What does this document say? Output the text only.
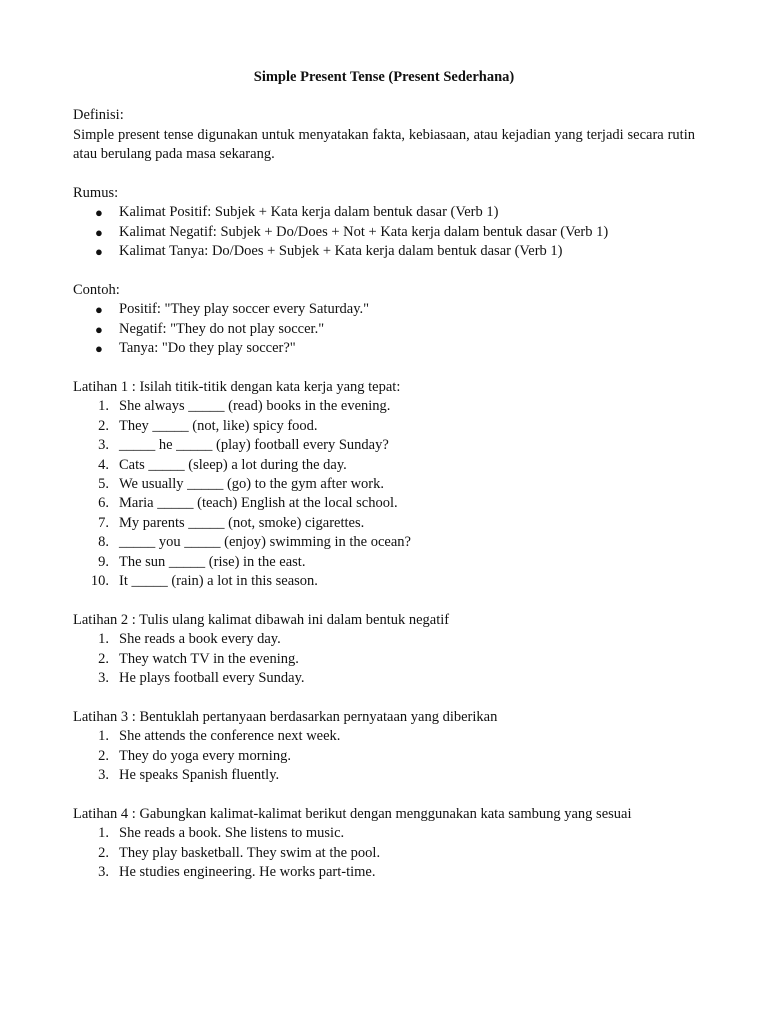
Simple Present Tense (Present Sederhana)

Definisi:

Simple present tense digunakan untuk menyatakan fakta, kebiasaan, atau kejadian yang terjadi secara rutin atau berulang pada masa sekarang.

Rumus:

● Kalimat Positif: Subjek + Kata kerja dalam bentuk dasar (Verb 1)
● Kalimat Negatif: Subjek + Do/Does + Not + Kata kerja dalam bentuk dasar (Verb 1)
● Kalimat Tanya: Do/Does + Subjek + Kata kerja dalam bentuk dasar (Verb 1)

Contoh:

● Positif: "They play soccer every Saturday."
● Negatif: "They do not play soccer."
● Tanya: "Do they play soccer?"

Latihan 1 : Isilah titik-titik dengan kata kerja yang tepat:

1. She always _____ (read) books in the evening.
2. They _____ (not, like) spicy food.
3. _____ he _____ (play) football every Sunday?
4. Cats _____ (sleep) a lot during the day.
5. We usually _____ (go) to the gym after work.
6. Maria _____ (teach) English at the local school.
7. My parents _____ (not, smoke) cigarettes.
8. _____ you _____ (enjoy) swimming in the ocean?
9. The sun _____ (rise) in the east.
10. It _____ (rain) a lot in this season.

Latihan 2 : Tulis ulang kalimat dibawah ini dalam bentuk negatif

1. She reads a book every day.
2. They watch TV in the evening.
3. He plays football every Sunday.

Latihan 3 : Bentuklah pertanyaan berdasarkan pernyataan yang diberikan

1. She attends the conference next week.
2. They do yoga every morning.
3. He speaks Spanish fluently.

Latihan 4 : Gabungkan kalimat-kalimat berikut dengan menggunakan kata sambung yang sesuai

1. She reads a book. She listens to music.
2. They play basketball. They swim at the pool.
3. He studies engineering. He works part-time.
